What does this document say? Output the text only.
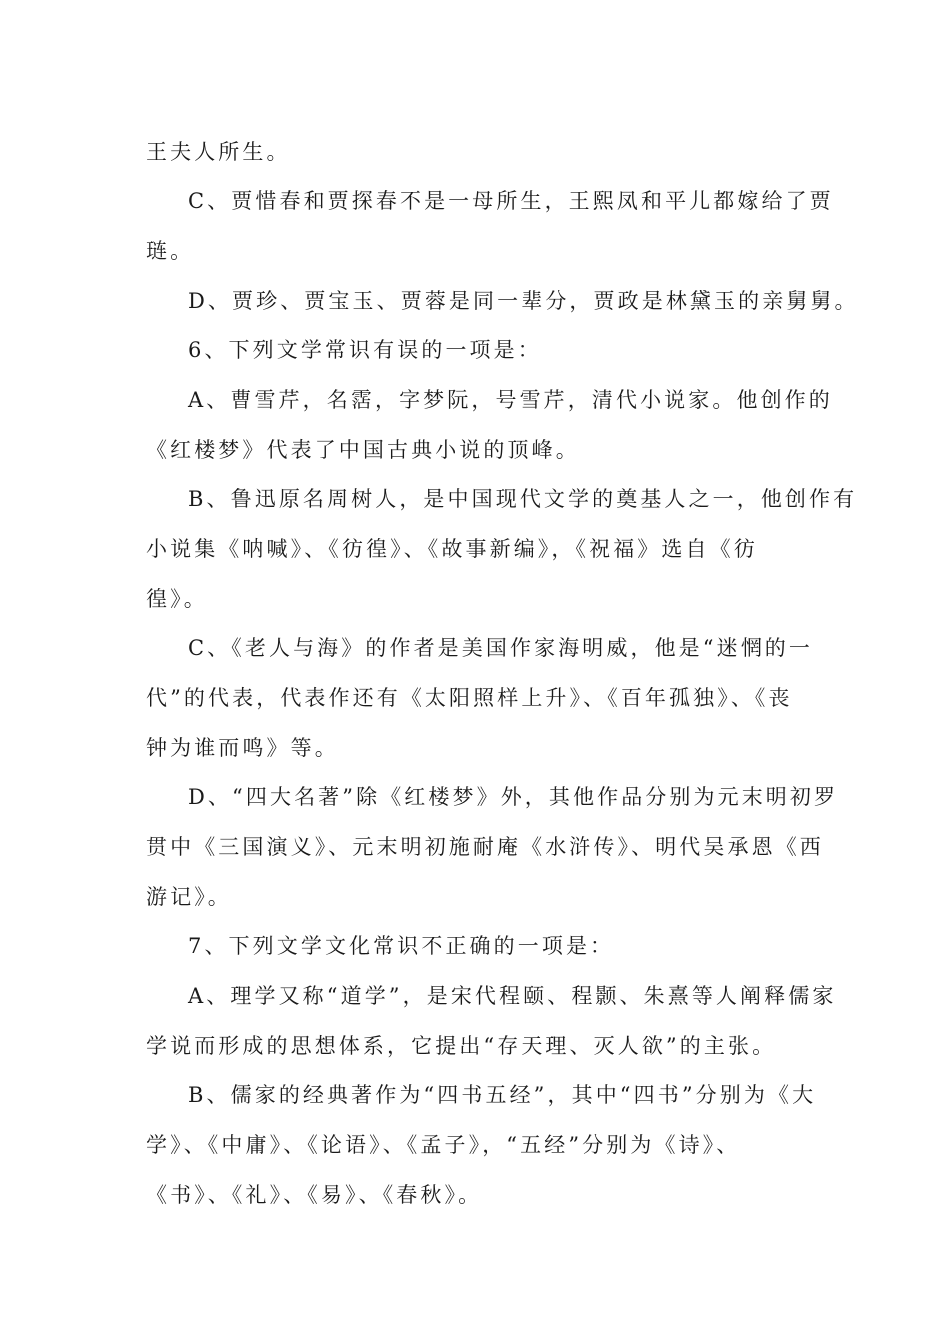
王夫人所生。
C、贾惜春和贾探春不是一母所生，王熙凤和平儿都嫁给了贾
琏。
D、贾珍、贾宝玉、贾蓉是同一辈分，贾政是林黛玉的亲舅舅。
6、下列文学常识有误的一项是：
A、曹雪芹，名霑，字梦阮，号雪芹，清代小说家。他创作的
《红楼梦》代表了中国古典小说的顶峰。
B、鲁迅原名周树人，是中国现代文学的奠基人之一，他创作有
小说集《呐喊》、《彷徨》、《故事新编》，《祝福》选自《彷
徨》。
C、《老人与海》的作者是美国作家海明威，他是“迷惘的一
代”的代表，代表作还有《太阳照样上升》、《百年孤独》、《丧
钟为谁而鸣》等。
D、“四大名著”除《红楼梦》外，其他作品分别为元末明初罗
贯中《三国演义》、元末明初施耐庵《水浒传》、明代吴承恩《西
游记》。
7、下列文学文化常识不正确的一项是：
A、理学又称“道学”，是宋代程颐、程颢、朱熹等人阐释儒家
学说而形成的思想体系，它提出“存天理、灭人欲”的主张。
B、儒家的经典著作为“四书五经”，其中“四书”分别为《大
学》、《中庸》、《论语》、《孟子》，“五经”分别为《诗》、
《书》、《礼》、《易》、《春秋》。
